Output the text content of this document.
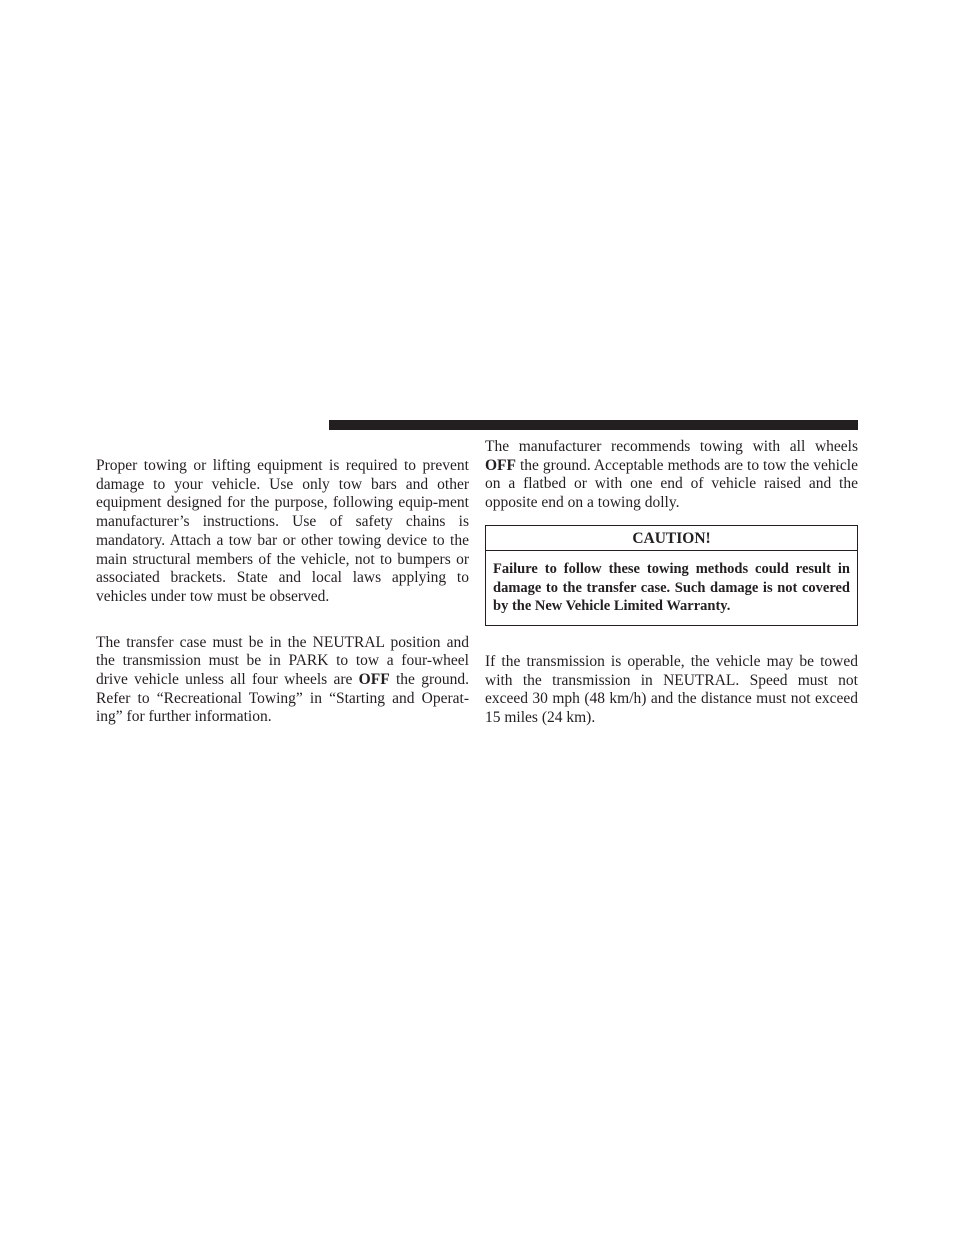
Proper towing or lifting equipment is required to prevent damage to your vehicle. Use only tow bars and other equipment designed for the purpose, following equip-ment manufacturer’s instructions. Use of safety chains is mandatory. Attach a tow bar or other towing device to the main structural members of the vehicle, not to bumpers or associated brackets. State and local laws applying to vehicles under tow must be observed.

The transfer case must be in the NEUTRAL position and the transmission must be in PARK to tow a four-wheel drive vehicle unless all four wheels are OFF the ground. Refer to “Recreational Towing” in “Starting and Operat-ing” for further information.

The manufacturer recommends towing with all wheels OFF the ground. Acceptable methods are to tow the vehicle on a flatbed or with one end of vehicle raised and the opposite end on a towing dolly.

CAUTION!
Failure to follow these towing methods could result in damage to the transfer case. Such damage is not covered by the New Vehicle Limited Warranty.

If the transmission is operable, the vehicle may be towed with the transmission in NEUTRAL. Speed must not exceed 30 mph (48 km/h) and the distance must not exceed 15 miles (24 km).
